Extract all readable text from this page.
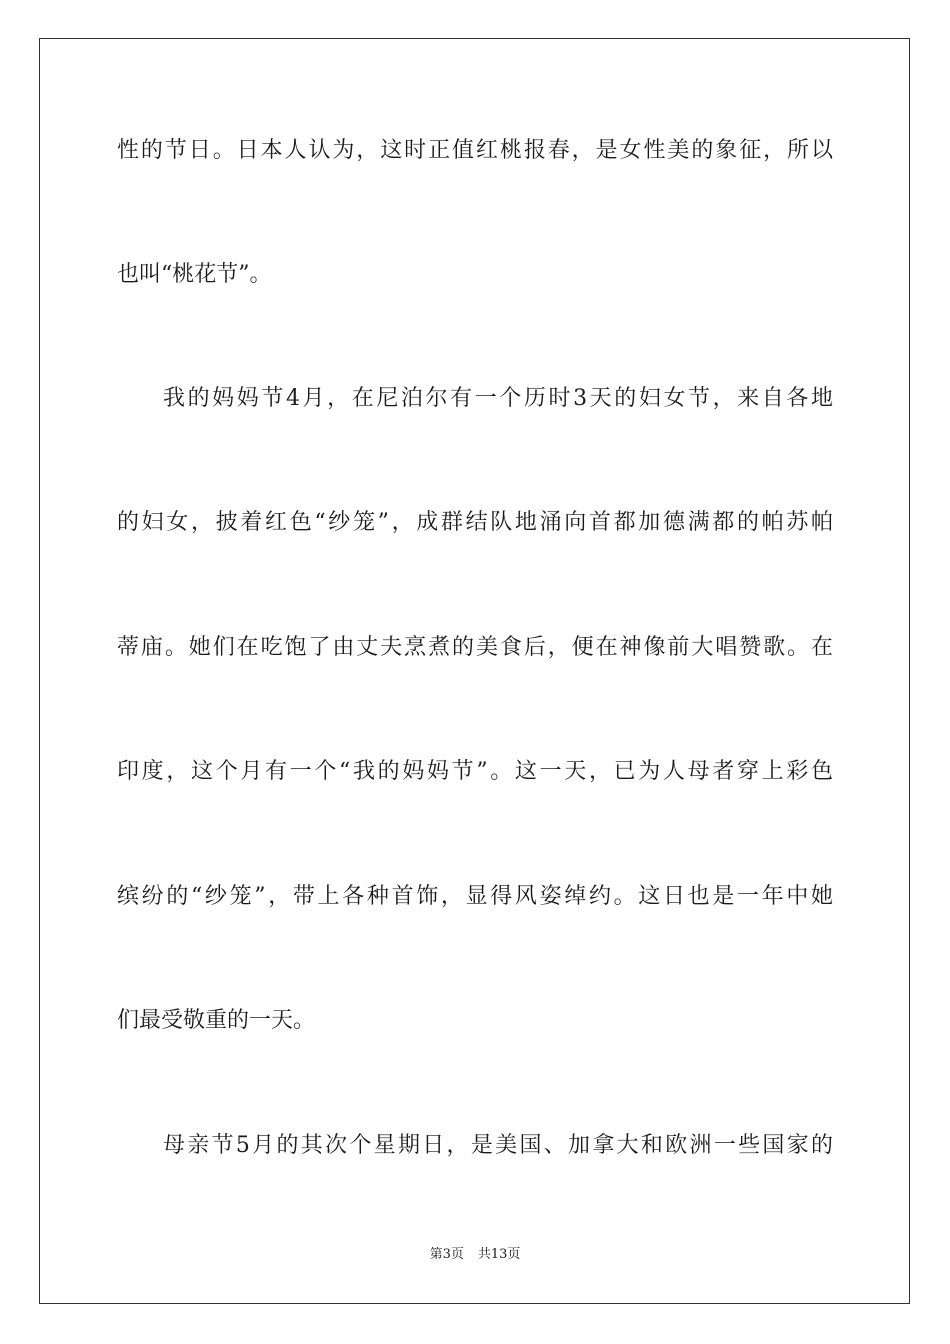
性的节日。日本人认为，这时正值红桃报春，是女性美的象征，所以
也叫“桃花节”。
我的妈妈节4月，在尼泊尔有一个历时3天的妇女节，来自各地
的妇女，披着红色“纱笼”，成群结队地涌向首都加德满都的帕苏帕
蒂庙。她们在吃饱了由丈夫烹煮的美食后，便在神像前大唱赞歌。在
印度，这个月有一个“我的妈妈节”。这一天，已为人母者穿上彩色
缤纷的“纱笼”，带上各种首饰，显得风姿绰约。这日也是一年中她
们最受敬重的一天。
母亲节5月的其次个星期日，是美国、加拿大和欧洲一些国家的
第3页 共13页
